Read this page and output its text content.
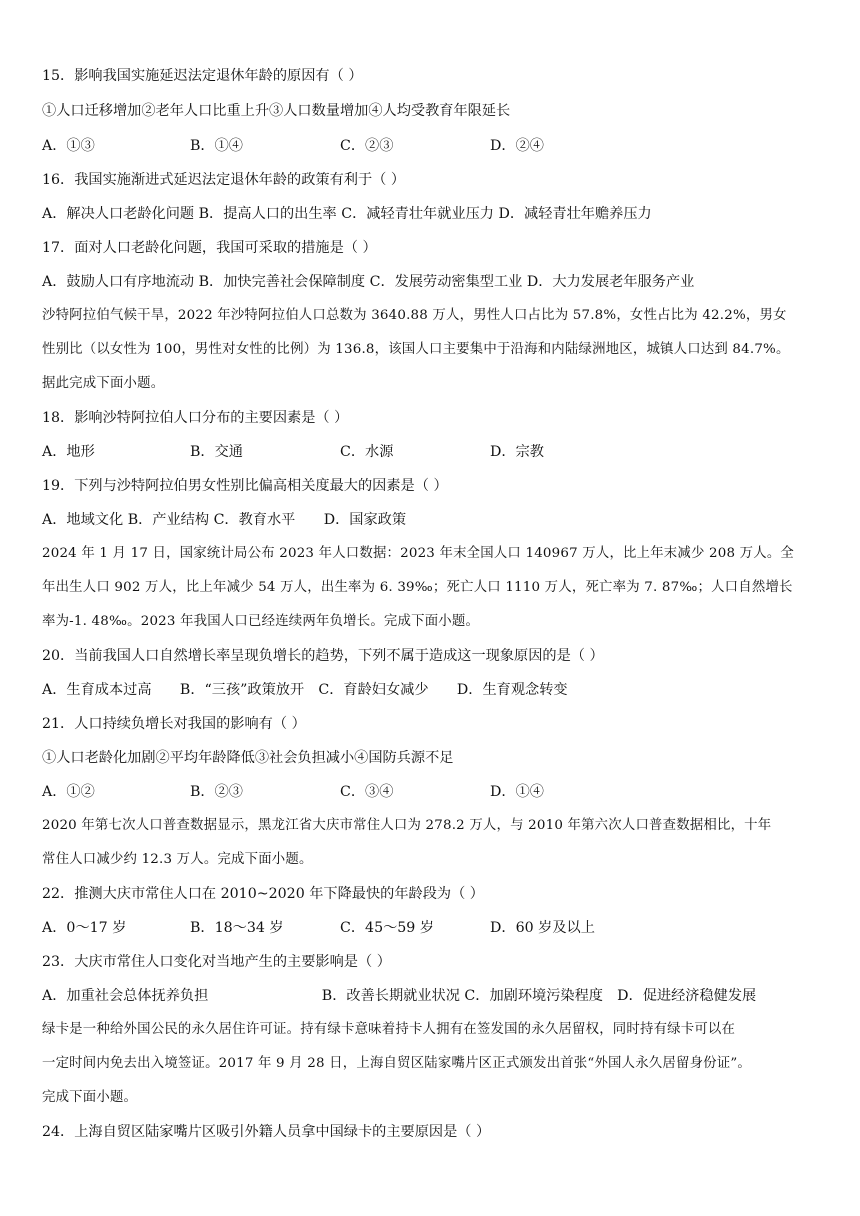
15．影响我国实施延迟法定退休年龄的原因有（ ）
①人口迁移增加②老年人口比重上升③人口数量增加④人均受教育年限延长
A．①③	B．①④	C．②③	D．②④
16．我国实施渐进式延迟法定退休年龄的政策有利于（ ）
A．解决人口老龄化问题 B．提高人口的出生率 C．减轻青壮年就业压力 D．减轻青壮年赡养压力
17．面对人口老龄化问题，我国可采取的措施是（ ）
A．鼓励人口有序地流动 B．加快完善社会保障制度 C．发展劳动密集型工业 D．大力发展老年服务产业
沙特阿拉伯气候干旱，2022 年沙特阿拉伯人口总数为 3640.88 万人，男性人口占比为 57.8%，女性占比为 42.2%，男女
性别比（以女性为 100，男性对女性的比例）为 136.8，该国人口主要集中于沿海和内陆绿洲地区，城镇人口达到 84.7%。
据此完成下面小题。
18．影响沙特阿拉伯人口分布的主要因素是（ ）
A．地形	B．交通	C．水源	D．宗教
19．下列与沙特阿拉伯男女性别比偏高相关度最大的因素是（ ）
A．地域文化 B．产业结构 C．教育水平　　D．国家政策
2024 年 1 月 17 日，国家统计局公布 2023 年人口数据：2023 年末全国人口 140967 万人，比上年末减少 208 万人。全
年出生人口 902 万人，比上年减少 54 万人，出生率为 6. 39‰；死亡人口 1110 万人，死亡率为 7. 87‰；人口自然增长
率为-1. 48‰。2023 年我国人口已经连续两年负增长。完成下面小题。
20．当前我国人口自然增长率呈现负增长的趋势，下列不属于造成这一现象原因的是（ ）
A．生育成本过高　　B．“三孩”政策放开　C．育龄妇女减少　　D．生育观念转变
21．人口持续负增长对我国的影响有（ ）
①人口老龄化加剧②平均年龄降低③社会负担减小④国防兵源不足
A．①②	B．②③	C．③④	D．①④
2020 年第七次人口普查数据显示，黑龙江省大庆市常住人口为 278.2 万人，与 2010 年第六次人口普查数据相比，十年
常住人口减少约 12.3 万人。完成下面小题。
22．推测大庆市常住人口在 2010~2020 年下降最快的年龄段为（ ）
A．0～17 岁	B．18～34 岁	C．45～59 岁	D．60 岁及以上
23．大庆市常住人口变化对当地产生的主要影响是（ ）
A．加重社会总体抚养负担　　　　　　　　B．改善长期就业状况 C．加剧环境污染程度　D．促进经济稳健发展
绿卡是一种给外国公民的永久居住许可证。持有绿卡意味着持卡人拥有在签发国的永久居留权，同时持有绿卡可以在
一定时间内免去出入境签证。2017 年 9 月 28 日，上海自贸区陆家嘴片区正式颁发出首张“外国人永久居留身份证”。
完成下面小题。
24．上海自贸区陆家嘴片区吸引外籍人员拿中国绿卡的主要原因是（ ）
